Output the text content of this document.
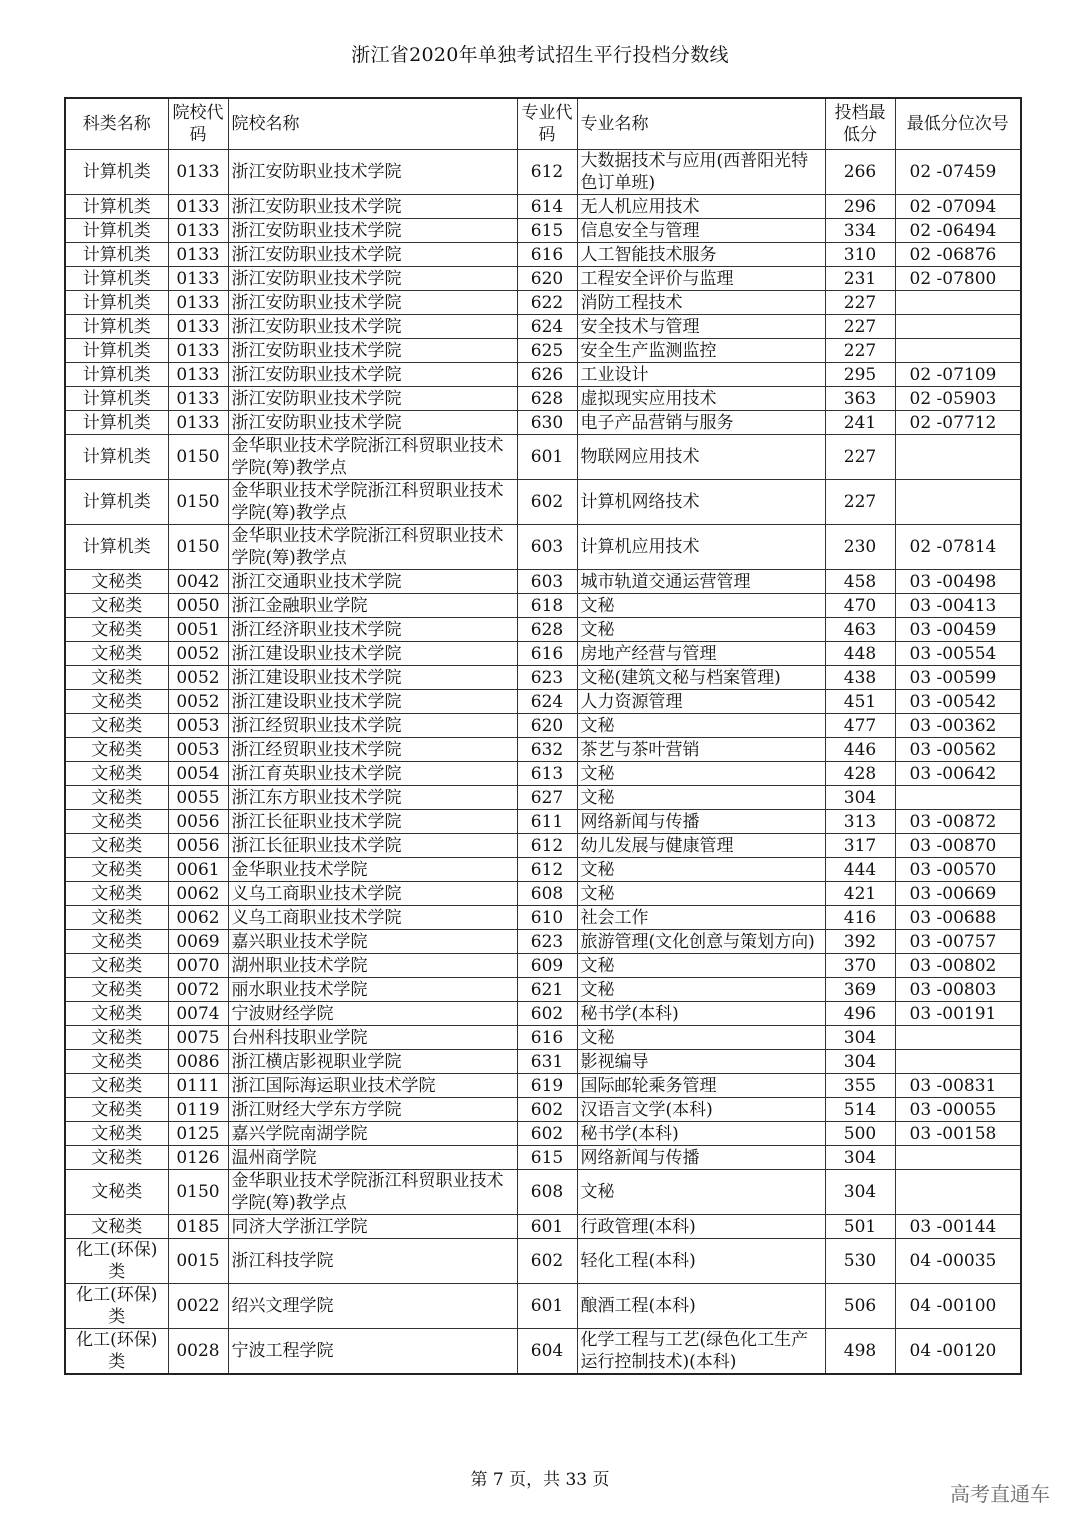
浙江省2020年单独考试招生平行投档分数线
科类名称	院校代码	院校名称	专业代码	专业名称	投档最低分	最低分位次号
计算机类	0133	浙江安防职业技术学院	612	大数据技术与应用(西普阳光特色订单班)	266	02 -07459
计算机类	0133	浙江安防职业技术学院	614	无人机应用技术	296	02 -07094
计算机类	0133	浙江安防职业技术学院	615	信息安全与管理	334	02 -06494
计算机类	0133	浙江安防职业技术学院	616	人工智能技术服务	310	02 -06876
计算机类	0133	浙江安防职业技术学院	620	工程安全评价与监理	231	02 -07800
计算机类	0133	浙江安防职业技术学院	622	消防工程技术	227	
计算机类	0133	浙江安防职业技术学院	624	安全技术与管理	227	
计算机类	0133	浙江安防职业技术学院	625	安全生产监测监控	227	
计算机类	0133	浙江安防职业技术学院	626	工业设计	295	02 -07109
计算机类	0133	浙江安防职业技术学院	628	虚拟现实应用技术	363	02 -05903
计算机类	0133	浙江安防职业技术学院	630	电子产品营销与服务	241	02 -07712
计算机类	0150	金华职业技术学院浙江科贸职业技术学院(筹)教学点	601	物联网应用技术	227	
计算机类	0150	金华职业技术学院浙江科贸职业技术学院(筹)教学点	602	计算机网络技术	227	
计算机类	0150	金华职业技术学院浙江科贸职业技术学院(筹)教学点	603	计算机应用技术	230	02 -07814
文秘类	0042	浙江交通职业技术学院	603	城市轨道交通运营管理	458	03 -00498
文秘类	0050	浙江金融职业学院	618	文秘	470	03 -00413
文秘类	0051	浙江经济职业技术学院	628	文秘	463	03 -00459
文秘类	0052	浙江建设职业技术学院	616	房地产经营与管理	448	03 -00554
文秘类	0052	浙江建设职业技术学院	623	文秘(建筑文秘与档案管理)	438	03 -00599
文秘类	0052	浙江建设职业技术学院	624	人力资源管理	451	03 -00542
文秘类	0053	浙江经贸职业技术学院	620	文秘	477	03 -00362
文秘类	0053	浙江经贸职业技术学院	632	茶艺与茶叶营销	446	03 -00562
文秘类	0054	浙江育英职业技术学院	613	文秘	428	03 -00642
文秘类	0055	浙江东方职业技术学院	627	文秘	304	
文秘类	0056	浙江长征职业技术学院	611	网络新闻与传播	313	03 -00872
文秘类	0056	浙江长征职业技术学院	612	幼儿发展与健康管理	317	03 -00870
文秘类	0061	金华职业技术学院	612	文秘	444	03 -00570
文秘类	0062	义乌工商职业技术学院	608	文秘	421	03 -00669
文秘类	0062	义乌工商职业技术学院	610	社会工作	416	03 -00688
文秘类	0069	嘉兴职业技术学院	623	旅游管理(文化创意与策划方向)	392	03 -00757
文秘类	0070	湖州职业技术学院	609	文秘	370	03 -00802
文秘类	0072	丽水职业技术学院	621	文秘	369	03 -00803
文秘类	0074	宁波财经学院	602	秘书学(本科)	496	03 -00191
文秘类	0075	台州科技职业学院	616	文秘	304	
文秘类	0086	浙江横店影视职业学院	631	影视编导	304	
文秘类	0111	浙江国际海运职业技术学院	619	国际邮轮乘务管理	355	03 -00831
文秘类	0119	浙江财经大学东方学院	602	汉语言文学(本科)	514	03 -00055
文秘类	0125	嘉兴学院南湖学院	602	秘书学(本科)	500	03 -00158
文秘类	0126	温州商学院	615	网络新闻与传播	304	
文秘类	0150	金华职业技术学院浙江科贸职业技术学院(筹)教学点	608	文秘	304	
文秘类	0185	同济大学浙江学院	601	行政管理(本科)	501	03 -00144
化工(环保)类	0015	浙江科技学院	602	轻化工程(本科)	530	04 -00035
化工(环保)类	0022	绍兴文理学院	601	酿酒工程(本科)	506	04 -00100
化工(环保)类	0028	宁波工程学院	604	化学工程与工艺(绿色化工生产运行控制技术)(本科)	498	04 -00120
第 7 页，共 33 页
高考直通车
